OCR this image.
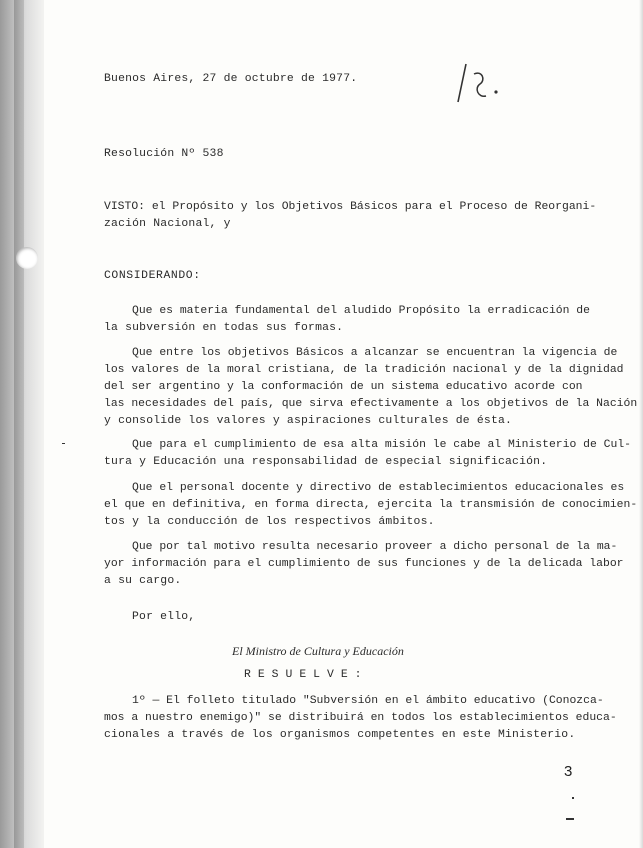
Buenos Aires, 27 de octubre de 1977.
Resolución Nº 538
VISTO: el Propósito y los Objetivos Básicos para el Proceso de Reorgani-
zación Nacional, y
CONSIDERANDO:
Que es materia fundamental del aludido Propósito la erradicación de
la subversión en todas sus formas.
Que entre los objetivos Básicos a alcanzar se encuentran la vigencia de
los valores de la moral cristiana, de la tradición nacional y de la dignidad
del ser argentino y la conformación de un sistema educativo acorde con
las necesidades del país, que sirva efectivamente a los objetivos de la Nación
y consolide los valores y aspiraciones culturales de ésta.
Que para el cumplimiento de esa alta misión le cabe al Ministerio de Cul-
tura y Educación una responsabilidad de especial significación.
Que el personal docente y directivo de establecimientos educacionales es
el que en definitiva, en forma directa, ejercita la transmisión de conocimien-
tos y la conducción de los respectivos ámbitos.
Que por tal motivo resulta necesario proveer a dicho personal de la ma-
yor información para el cumplimiento de sus funciones y de la delicada labor
a su cargo.
Por ello,
El Ministro de Cultura y Educación
RESUELVE:
1º — El folleto titulado "Subversión en el ámbito educativo (Conozca-
mos a nuestro enemigo)" se distribuirá en todos los establecimientos educa-
cionales a través de los organismos competentes en este Ministerio.
3
